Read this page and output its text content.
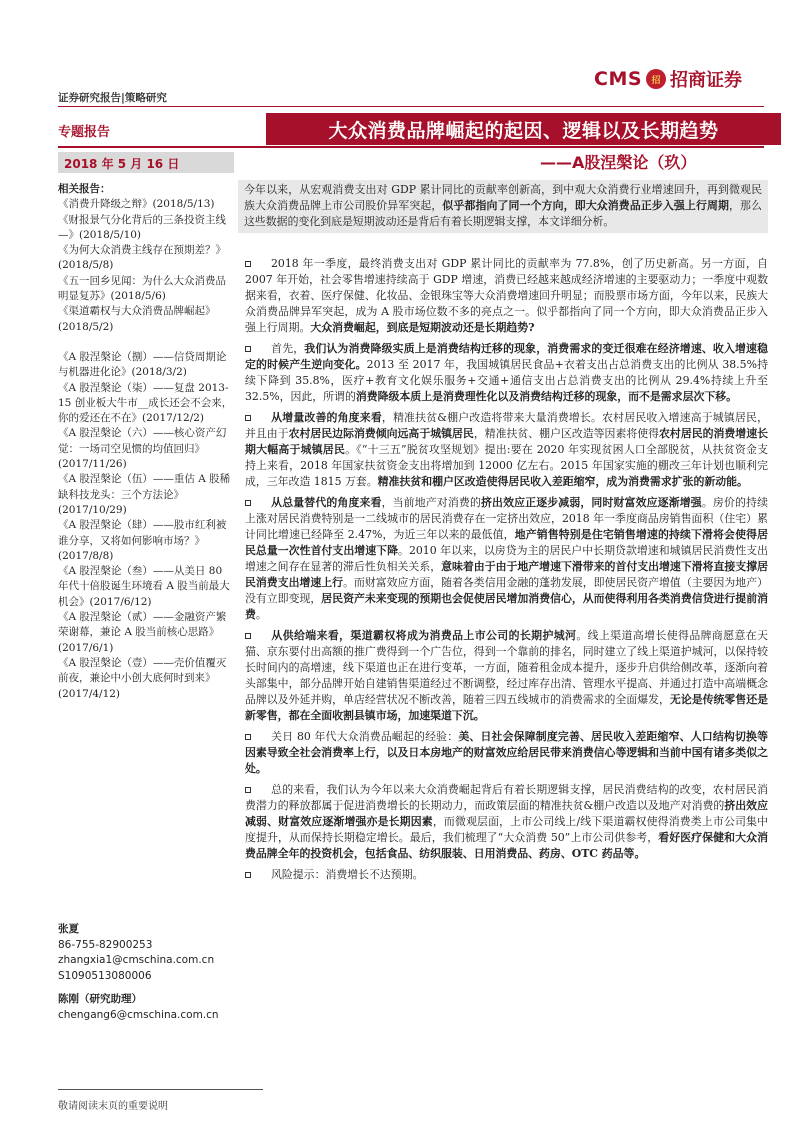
CMS 招 招商证券
证券研究报告|策略研究
专题报告	大众消费品牌崛起的起因、逻辑以及长期趋势
2018 年 5 月 16 日	——A股涅槃论（玖）
相关报告：
《消费升降级之辩》(2018/5/13)
《财报景气分化背后的三条投资主线—》(2018/5/10)
《为何大众消费主线存在预期差？》(2018/5/8)
《五一回乡见闻：为什么大众消费品明显复苏》(2018/5/6)
《渠道霸权与大众消费品牌崛起》(2018/5/2)
《A 股涅槃论（捌）——信贷周期论与机器进化论》(2018/3/2)
《A 股涅槃论（柒）——复盘 2013-15 创业板大牛市__成长还会不会来，你的爱还在不在》(2017/12/2)
《A 股涅槃论（六）——核心资产幻觉：一场司空见惯的均值回归》(2017/11/26)
《A 股涅槃论（伍）——重估 A 股稀缺科技龙头：三个方法论》(2017/10/29)
《A 股涅槃论（肆）——股市红利被谁分享，又将如何影响市场？》(2017/8/8)
《A 股涅槃论（叁）——从美日 80 年代十倍股诞生环境看 A 股当前最大机会》(2017/6/12)
《A 股涅槃论（贰）——金融资产繁荣谢幕，兼论 A 股当前核心思路》(2017/6/1)
《A 股涅槃论（壹）——壳价值覆灭前夜，兼论中小创大底何时到来》(2017/4/12)
张夏
86-755-82900253
zhangxia1@cmschina.com.cn
S1090513080006
陈刚（研究助理）
chengang6@cmschina.com.cn
今年以来，从宏观消费支出对 GDP 累计同比的贡献率创新高，到中观大众消费行业增速回升，再到微观民族大众消费品牌上市公司股价异军突起，似乎都指向了同一个方向，即大众消费品正步入强上行周期，那么这些数据的变化到底是短期波动还是背后有着长期逻辑支撑，本文详细分析。

2018 年一季度，最终消费支出对 GDP 累计同比的贡献率为 77.8%，创了历史新高。另一方面，自 2007 年开始，社会零售增速持续高于 GDP 增速，消费已经越来越成经济增速的主要驱动力；一季度中观数据来看，衣着、医疗保健、化妆品、金银珠宝等大众消费增速回升明显；而股票市场方面，今年以来，民族大众消费品牌异军突起，成为 A 股市场位数不多的亮点之一。似乎都指向了同一个方向，即大众消费品正步入强上行周期。大众消费崛起，到底是短期波动还是长期趋势?

首先，我们认为消费降级实质上是消费结构迁移的现象，消费需求的变迁很难在经济增速、收入增速稳定的时候产生逆向变化。2013 至 2017 年，我国城镇居民食品+衣着支出占总消费支出的比例从 38.5%持续下降到 35.8%，医疗+教育文化娱乐服务+交通+通信支出占总消费支出的比例从 29.4%持续上升至 32.5%，因此，所谓的消费降级本质上是消费理性化以及消费结构迁移的现象，而不是需求层次下移。

从增量改善的角度来看，精准扶贫&棚户改造将带来大量消费增长。农村居民收入增速高于城镇居民，并且由于农村居民边际消费倾向远高于城镇居民，精准扶贫、棚户区改造等因素将使得农村居民的消费增速长期大幅高于城镇居民。《“十三五”脱贫攻坚规划》提出:要在 2020 年实现贫困人口全部脱贫，从扶贫资金支持上来看，2018 年国家扶贫资金支出将增加到 12000 亿左右。2015 年国家实施的棚改三年计划也顺利完成，三年改造 1815 万套。精准扶贫和棚户区改造使得居民收入差距缩窄，成为消费需求扩张的新动能。

从总量替代的角度来看，当前地产对消费的挤出效应正逐步减弱，同时财富效应逐渐增强。房价的持续上涨对居民消费特别是一二线城市的居民消费存在一定挤出效应，2018 年一季度商品房销售面积（住宅）累计同比增速已经降至 2.47%，为近三年以来的最低值，地产销售特别是住宅销售增速的持续下滑将会使得居民总量一次性首付支出增速下降。2010 年以来，以房贷为主的居民户中长期贷款增速和城镇居民消费性支出增速之间存在显著的滞后性负相关关系，意味着由于由于地产增速下滑带来的首付支出增速下滑将直接支撑居民消费支出增速上行。而财富效应方面，随着各类信用金融的蓬勃发展，即使居民资产增值（主要因为地产）没有立即变现，居民资产未来变现的预期也会促使居民增加消费信心，从而使得利用各类消费信贷进行提前消费。

从供给端来看，渠道霸权将成为消费品上市公司的长期护城河。线上渠道高增长使得品牌商愿意在天猫、京东要付出高额的推广费得到一个广告位，得到一个靠前的排名，同时建立了线上渠道护城河，以保持较长时间内的高增速，线下渠道也正在进行变革，一方面，随着租金成本提升，逐步升启供给侧改革，逐渐向着头部集中，部分品牌开始自建销售渠道经过不断调整，经过库存出清、管理水平提高、并通过打造中高端概念品牌以及外延并购，单店经营状况不断改善，随着三四五线城市的消费需求的全面爆发，无论是传统零售还是新零售，都在全面收割县镇市场，加速渠道下沉。

关日 80 年代大众消费品崛起的经验：美、日社会保障制度完善、居民收入差距缩窄、人口结构切换等因素导致全社会消费率上行，以及日本房地产的财富效应给居民带来消费信心等逻辑和当前中国有诸多类似之处。

总的来看，我们认为今年以来大众消费崛起背后有着长期逻辑支撑，居民消费结构的改变，农村居民消费潜力的释放都属于促进消费增长的长期动力，而政策层面的精准扶贫&棚户改造以及地产对消费的挤出效应减弱、财富效应逐渐增强亦是长期因素，而微观层面，上市公司线上/线下渠道霸权使得消费类上市公司集中度提升，从而保持长期稳定增长。最后，我们梳理了“大众消费 50”上市公司供参考，看好医疗保健和大众消费品牌全年的投资机会，包括食品、纺织服装、日用消费品、药房、OTC 药品等。

风险提示：消费增长不达预期。

敬请阅读末页的重要说明
